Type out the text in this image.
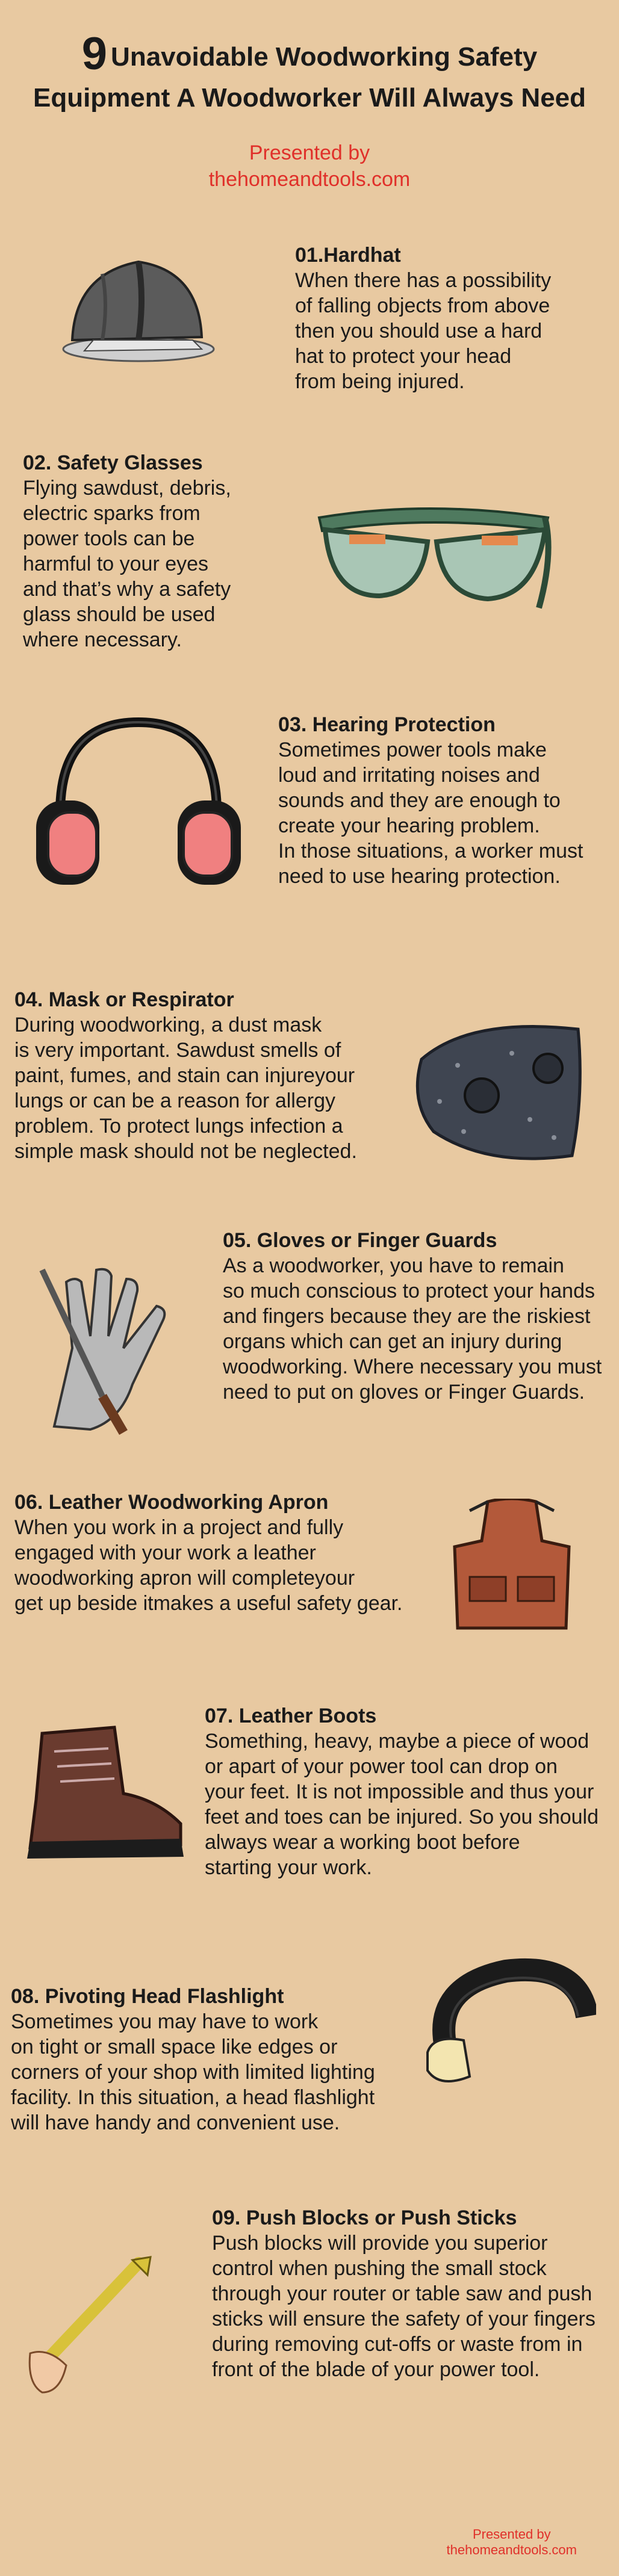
9 Unavoidable Woodworking Safety
Equipment A Woodworker Will Always Need
Presented by
thehomeandtools.com
01.Hardhat

When there has a possibility
of falling objects from above
then you should use a hard
hat to protect your head
from being injured.

02. Safety Glasses

Flying sawdust, debris,
electric sparks from
power tools can be
harmful to your eyes
and that’s why a safety
glass should be used
where necessary.

03. Hearing Protection

Sometimes power tools make
loud and irritating noises and
sounds and they are enough to
create your hearing problem.
In those situations, a worker must
need to use hearing protection.

04. Mask or Respirator

During woodworking, a dust mask
is very important. Sawdust smells of
paint, fumes, and stain can injureyour
lungs or can be a reason for allergy
problem. To protect lungs infection a
simple mask should not be neglected.

05. Gloves or Finger Guards

As a woodworker, you have to remain
so much conscious to protect your hands
and fingers because they are the riskiest
organs which can get an injury during
woodworking. Where necessary you must
need to put on gloves or Finger Guards.

06. Leather Woodworking Apron

When you work in a project and fully
engaged with your work a leather
woodworking apron will completeyour
get up beside itmakes a useful safety gear.

07. Leather Boots

Something, heavy, maybe a piece of wood
or apart of your power tool can drop on
your feet. It is not impossible and thus your
feet and toes can be injured. So you should
always wear a working boot before
starting your work.

08. Pivoting Head Flashlight

Sometimes you may have to work
on tight or small space like edges or
corners of your shop with limited lighting
facility. In this situation, a head flashlight
will have handy and convenient use.

09. Push Blocks or Push Sticks

Push blocks will provide you superior
control when pushing the small stock
through your router or table saw and push
sticks will ensure the safety of your fingers
during removing cut-offs or waste from in
front of the blade of your power tool.

Presented by
thehomeandtools.com
